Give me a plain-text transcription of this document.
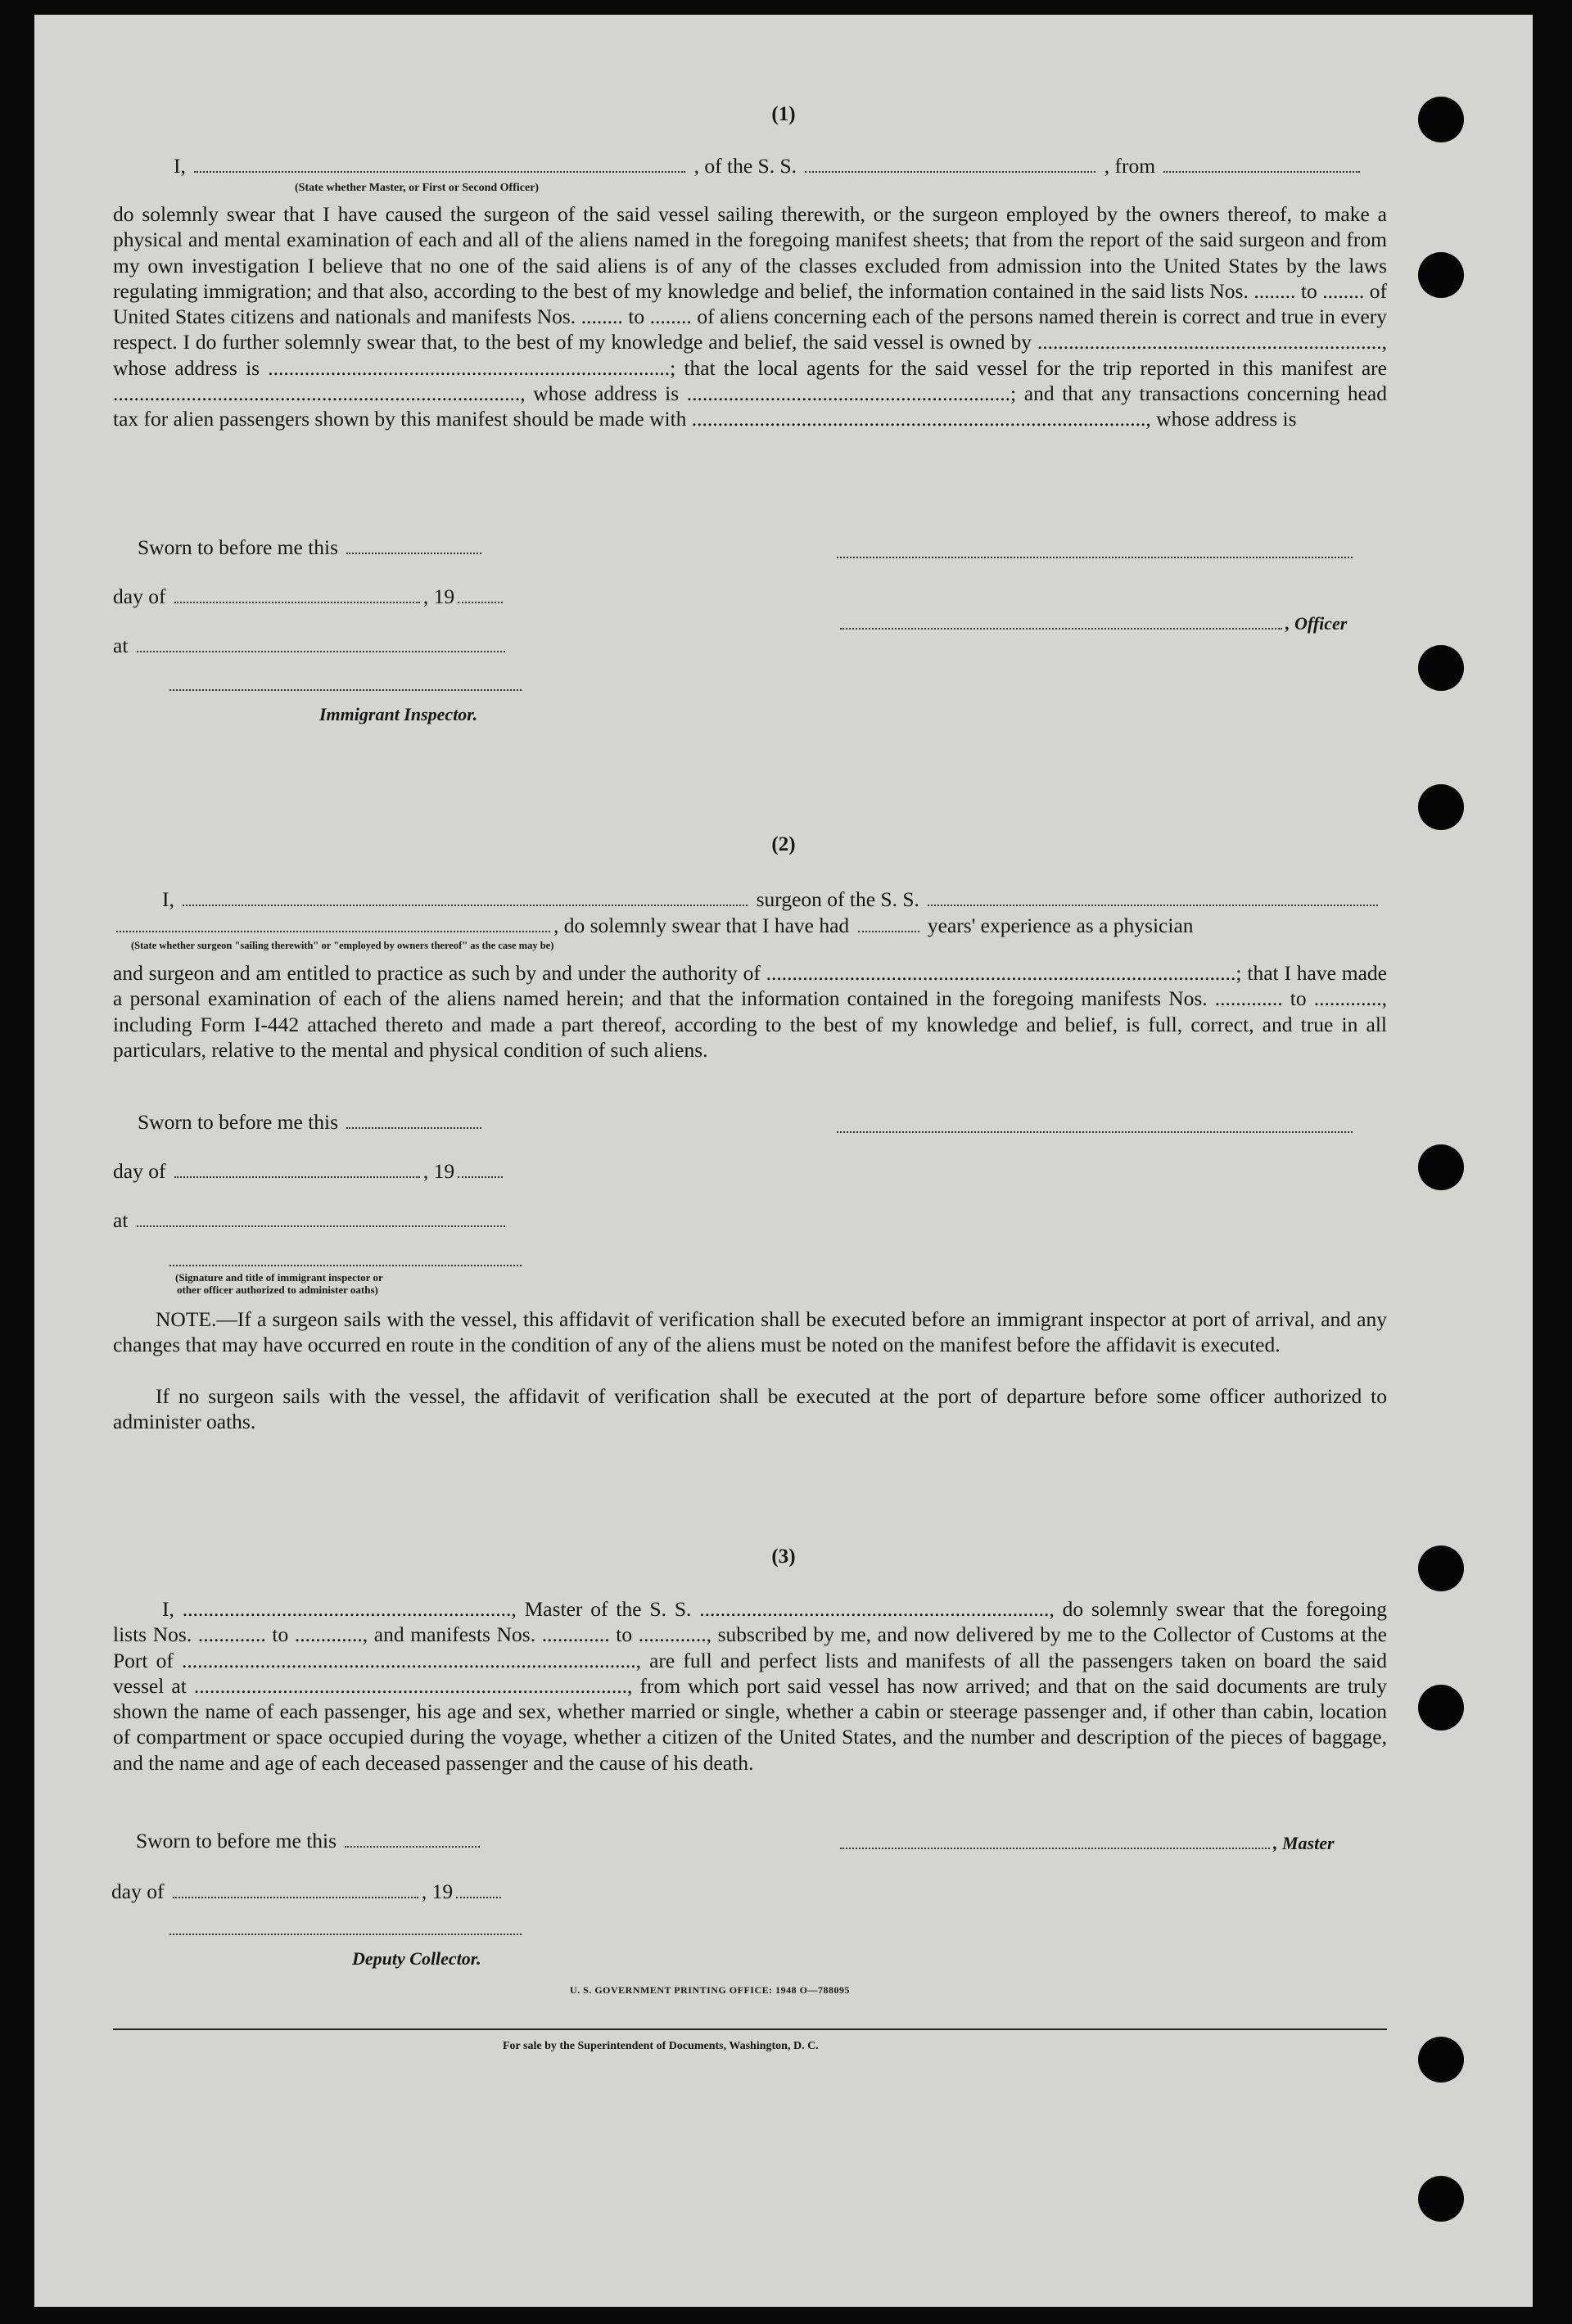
(1)
I,	, of the S. S.	, from
(State whether Master, or First or Second Officer)
do solemnly swear that I have caused the surgeon of the said vessel sailing therewith, or the surgeon employed by the owners thereof, to make a physical and mental examination of each and all of the aliens named in the foregoing manifest sheets; that from the report of the said surgeon and from my own investigation I believe that no one of the said aliens is of any of the classes excluded from admission into the United States by the laws regulating immigration; and that also, according to the best of my knowledge and belief, the information contained in the said lists Nos. ........ to ........ of United States citizens and nationals and manifests Nos. ........ to ........ of aliens concerning each of the persons named therein is correct and true in every respect. I do further solemnly swear that, to the best of my knowledge and belief, the said vessel is owned by .................................................................., whose address is .............................................................................; that the local agents for the said vessel for the trip reported in this manifest are .............................................................................., whose address is ..............................................................; and that any transactions concerning head tax for alien passengers shown by this manifest should be made with ......................................................................................., whose address is
Sworn to before me this
day of	, 19
, Officer
at
Immigrant Inspector.
(2)
I,	surgeon of the S. S.
, do solemnly swear that I have had	years' experience as a physician
(State whether surgeon "sailing therewith" or "employed by owners thereof" as the case may be)
and surgeon and am entitled to practice as such by and under the authority of ..........................................................................................; that I have made a personal examination of each of the aliens named herein; and that the information contained in the foregoing manifests Nos. ............. to ............., including Form I-442 attached thereto and made a part thereof, according to the best of my knowledge and belief, is full, correct, and true in all particulars, relative to the mental and physical condition of such aliens.
Sworn to before me this
day of	, 19
at
(Signature and title of immigrant inspector or
other officer authorized to administer oaths)
NOTE.—If a surgeon sails with the vessel, this affidavit of verification shall be executed before an immigrant inspector at port of arrival, and any changes that may have occurred en route in the condition of any of the aliens must be noted on the manifest before the affidavit is executed.
If no surgeon sails with the vessel, the affidavit of verification shall be executed at the port of departure before some officer authorized to administer oaths.
(3)
I, ..............................................................., Master of the S. S. ..................................................................., do solemnly swear that the foregoing lists Nos. ............. to ............., and manifests Nos. ............. to ............., subscribed by me, and now delivered by me to the Collector of Customs at the Port of ......................................................................................., are full and perfect lists and manifests of all the passengers taken on board the said vessel at ..................................................................................., from which port said vessel has now arrived; and that on the said documents are truly shown the name of each passenger, his age and sex, whether married or single, whether a cabin or steerage passenger and, if other than cabin, location of compartment or space occupied during the voyage, whether a citizen of the United States, and the number and description of the pieces of baggage, and the name and age of each deceased passenger and the cause of his death.
Sworn to before me this	, Master
day of	, 19
Deputy Collector.
U. S. GOVERNMENT PRINTING OFFICE: 1948 O—788095
For sale by the Superintendent of Documents, Washington, D. C.
